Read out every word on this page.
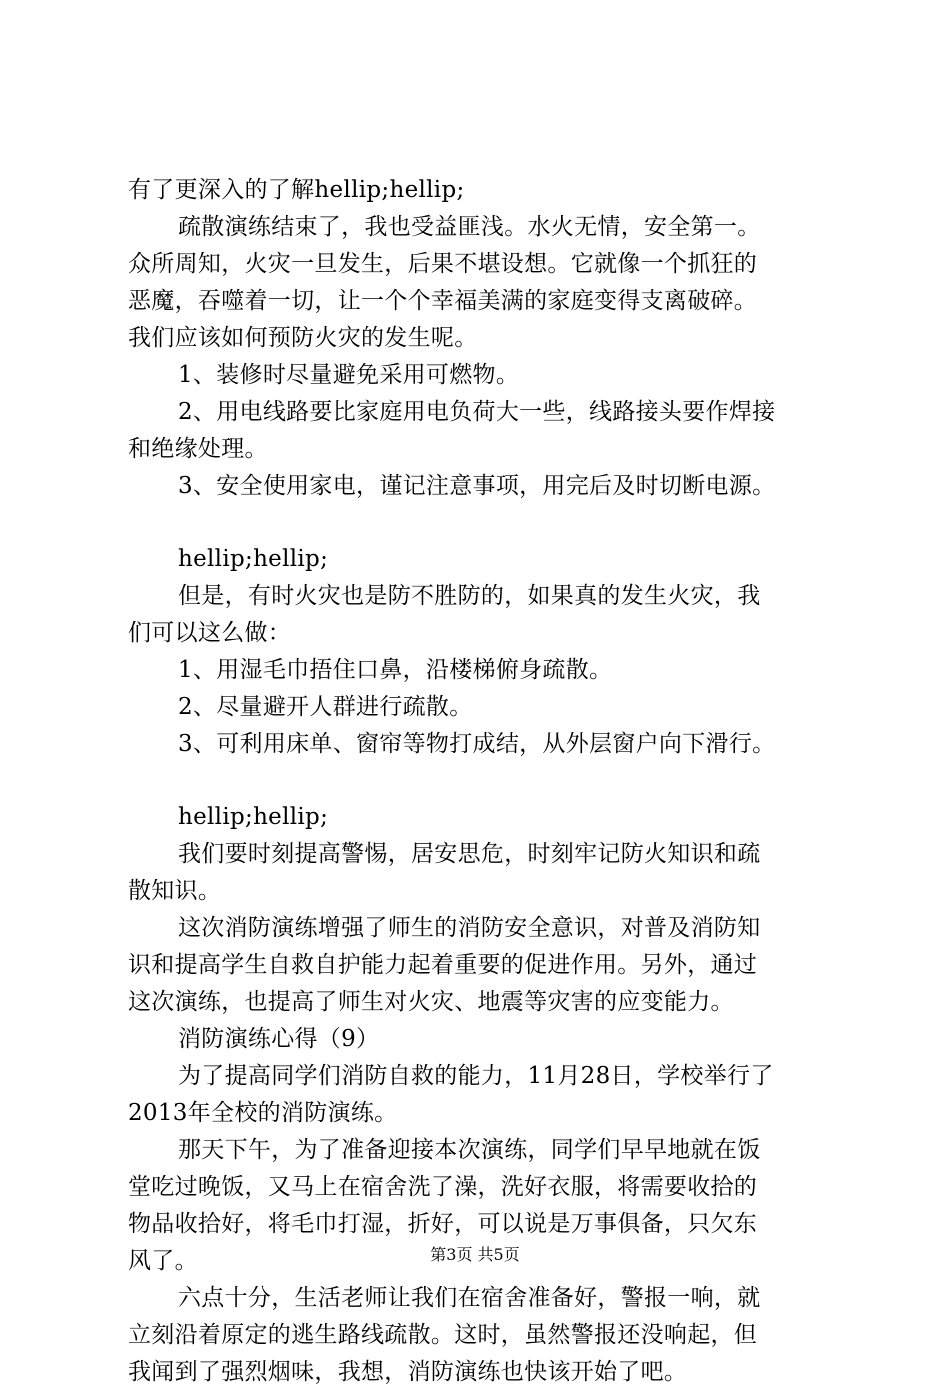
有了更深入的了解hellip;hellip;
疏散演练结束了，我也受益匪浅。水火无情，安全第一。
众所周知，火灾一旦发生，后果不堪设想。它就像一个抓狂的
恶魔，吞噬着一切，让一个个幸福美满的家庭变得支离破碎。
我们应该如何预防火灾的发生呢。
1、装修时尽量避免采用可燃物。
2、用电线路要比家庭用电负荷大一些，线路接头要作焊接
和绝缘处理。
3、安全使用家电，谨记注意事项，用完后及时切断电源。
hellip;hellip;
但是，有时火灾也是防不胜防的，如果真的发生火灾，我
们可以这么做：
1、用湿毛巾捂住口鼻，沿楼梯俯身疏散。
2、尽量避开人群进行疏散。
3、可利用床单、窗帘等物打成结，从外层窗户向下滑行。
hellip;hellip;
我们要时刻提高警惕，居安思危，时刻牢记防火知识和疏
散知识。
这次消防演练增强了师生的消防安全意识，对普及消防知
识和提高学生自救自护能力起着重要的促进作用。另外，通过
这次演练，也提高了师生对火灾、地震等灾害的应变能力。
消防演练心得（9）
为了提高同学们消防自救的能力，11月28日，学校举行了
2013年全校的消防演练。
那天下午，为了准备迎接本次演练，同学们早早地就在饭
堂吃过晚饭，又马上在宿舍洗了澡，洗好衣服，将需要收拾的
物品收拾好，将毛巾打湿，折好，可以说是万事俱备，只欠东
风了。
六点十分，生活老师让我们在宿舍准备好，警报一响，就
立刻沿着原定的逃生路线疏散。这时，虽然警报还没响起，但
我闻到了强烈烟味，我想，消防演练也快该开始了吧。
第3页 共5页
